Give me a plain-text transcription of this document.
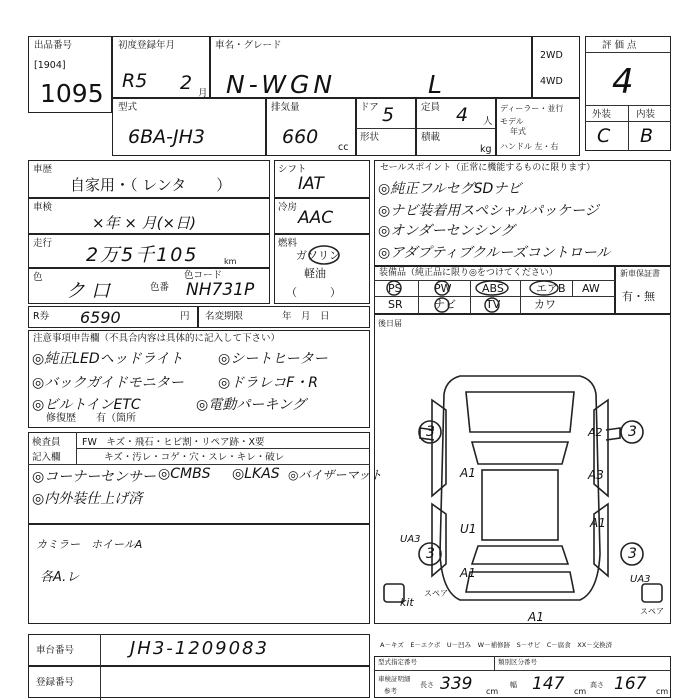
出品番号
[1904]
1095
初度登録年月
R5 2 月
車名・グレード
N-WGN	L
2WD
4WD
評価点
4
外装	内装
C B
型式
6BA-JH3
排気量
660 cc
ドア 5
形状
定員 4 人
積載
kg
ディーラー・並行
モデル
年式
ハンドル 左・右
車歴
自家用・（ レンタ　　）
車検
×年 × 月(×日)
走行
2万5千105	km
色
ク口	色番
色コード
NH731P
シフト
IAT
冷房
AAC
燃料
ガソリン
軽油
（　　　）
セールスポイント（正常に機能するものに限ります）
◎純正フルセグSDナビ
◎ナビ装着用スペシャルパッケージ
◎オンダーセンシング
◎アダプティブクルーズコントロール
装備品（純正品に限り◎をつけてください）
PS	PW	ABS	エアB AW
SR	ナビ	TV	カワ
新車保証書
有・無
R券 6590	円 名変期限	年　月　日
後日届
注意事項申告欄（不具合内容は具体的に記入して下さい）
◎純正LEDヘッドライト ◎シートヒーター
◎バックガイドモニター ◎ドラレコF・R
◎ビルトインETC	◎電動パーキング
修復歴　　有（箇所
検査員
記入欄
FW　キズ・飛石・ヒビ割・リペア跡・X要
キズ・汚レ・コゲ・穴・スレ・キレ・破レ
◎コーナーセンサー ◎CMBS ◎LKAS ◎バイザーマット
◎内外装仕上げ済
カミラー　ホイールA
各A.レ
3	A2 3
A1	A3
U1	A1
UA3
3	3
UA3
A1
A1
kit
スペア
スペア
車台番号	JH3-1209083
登録番号
A－キズ　E－エクボ　U－凹み　W－補修跡　S－サビ　C－腐食　XX－交換済
型式指定番号	類別区分番号
車検証明細
参考
長さ 339 cm
幅 147 cm
高さ 167 cm
